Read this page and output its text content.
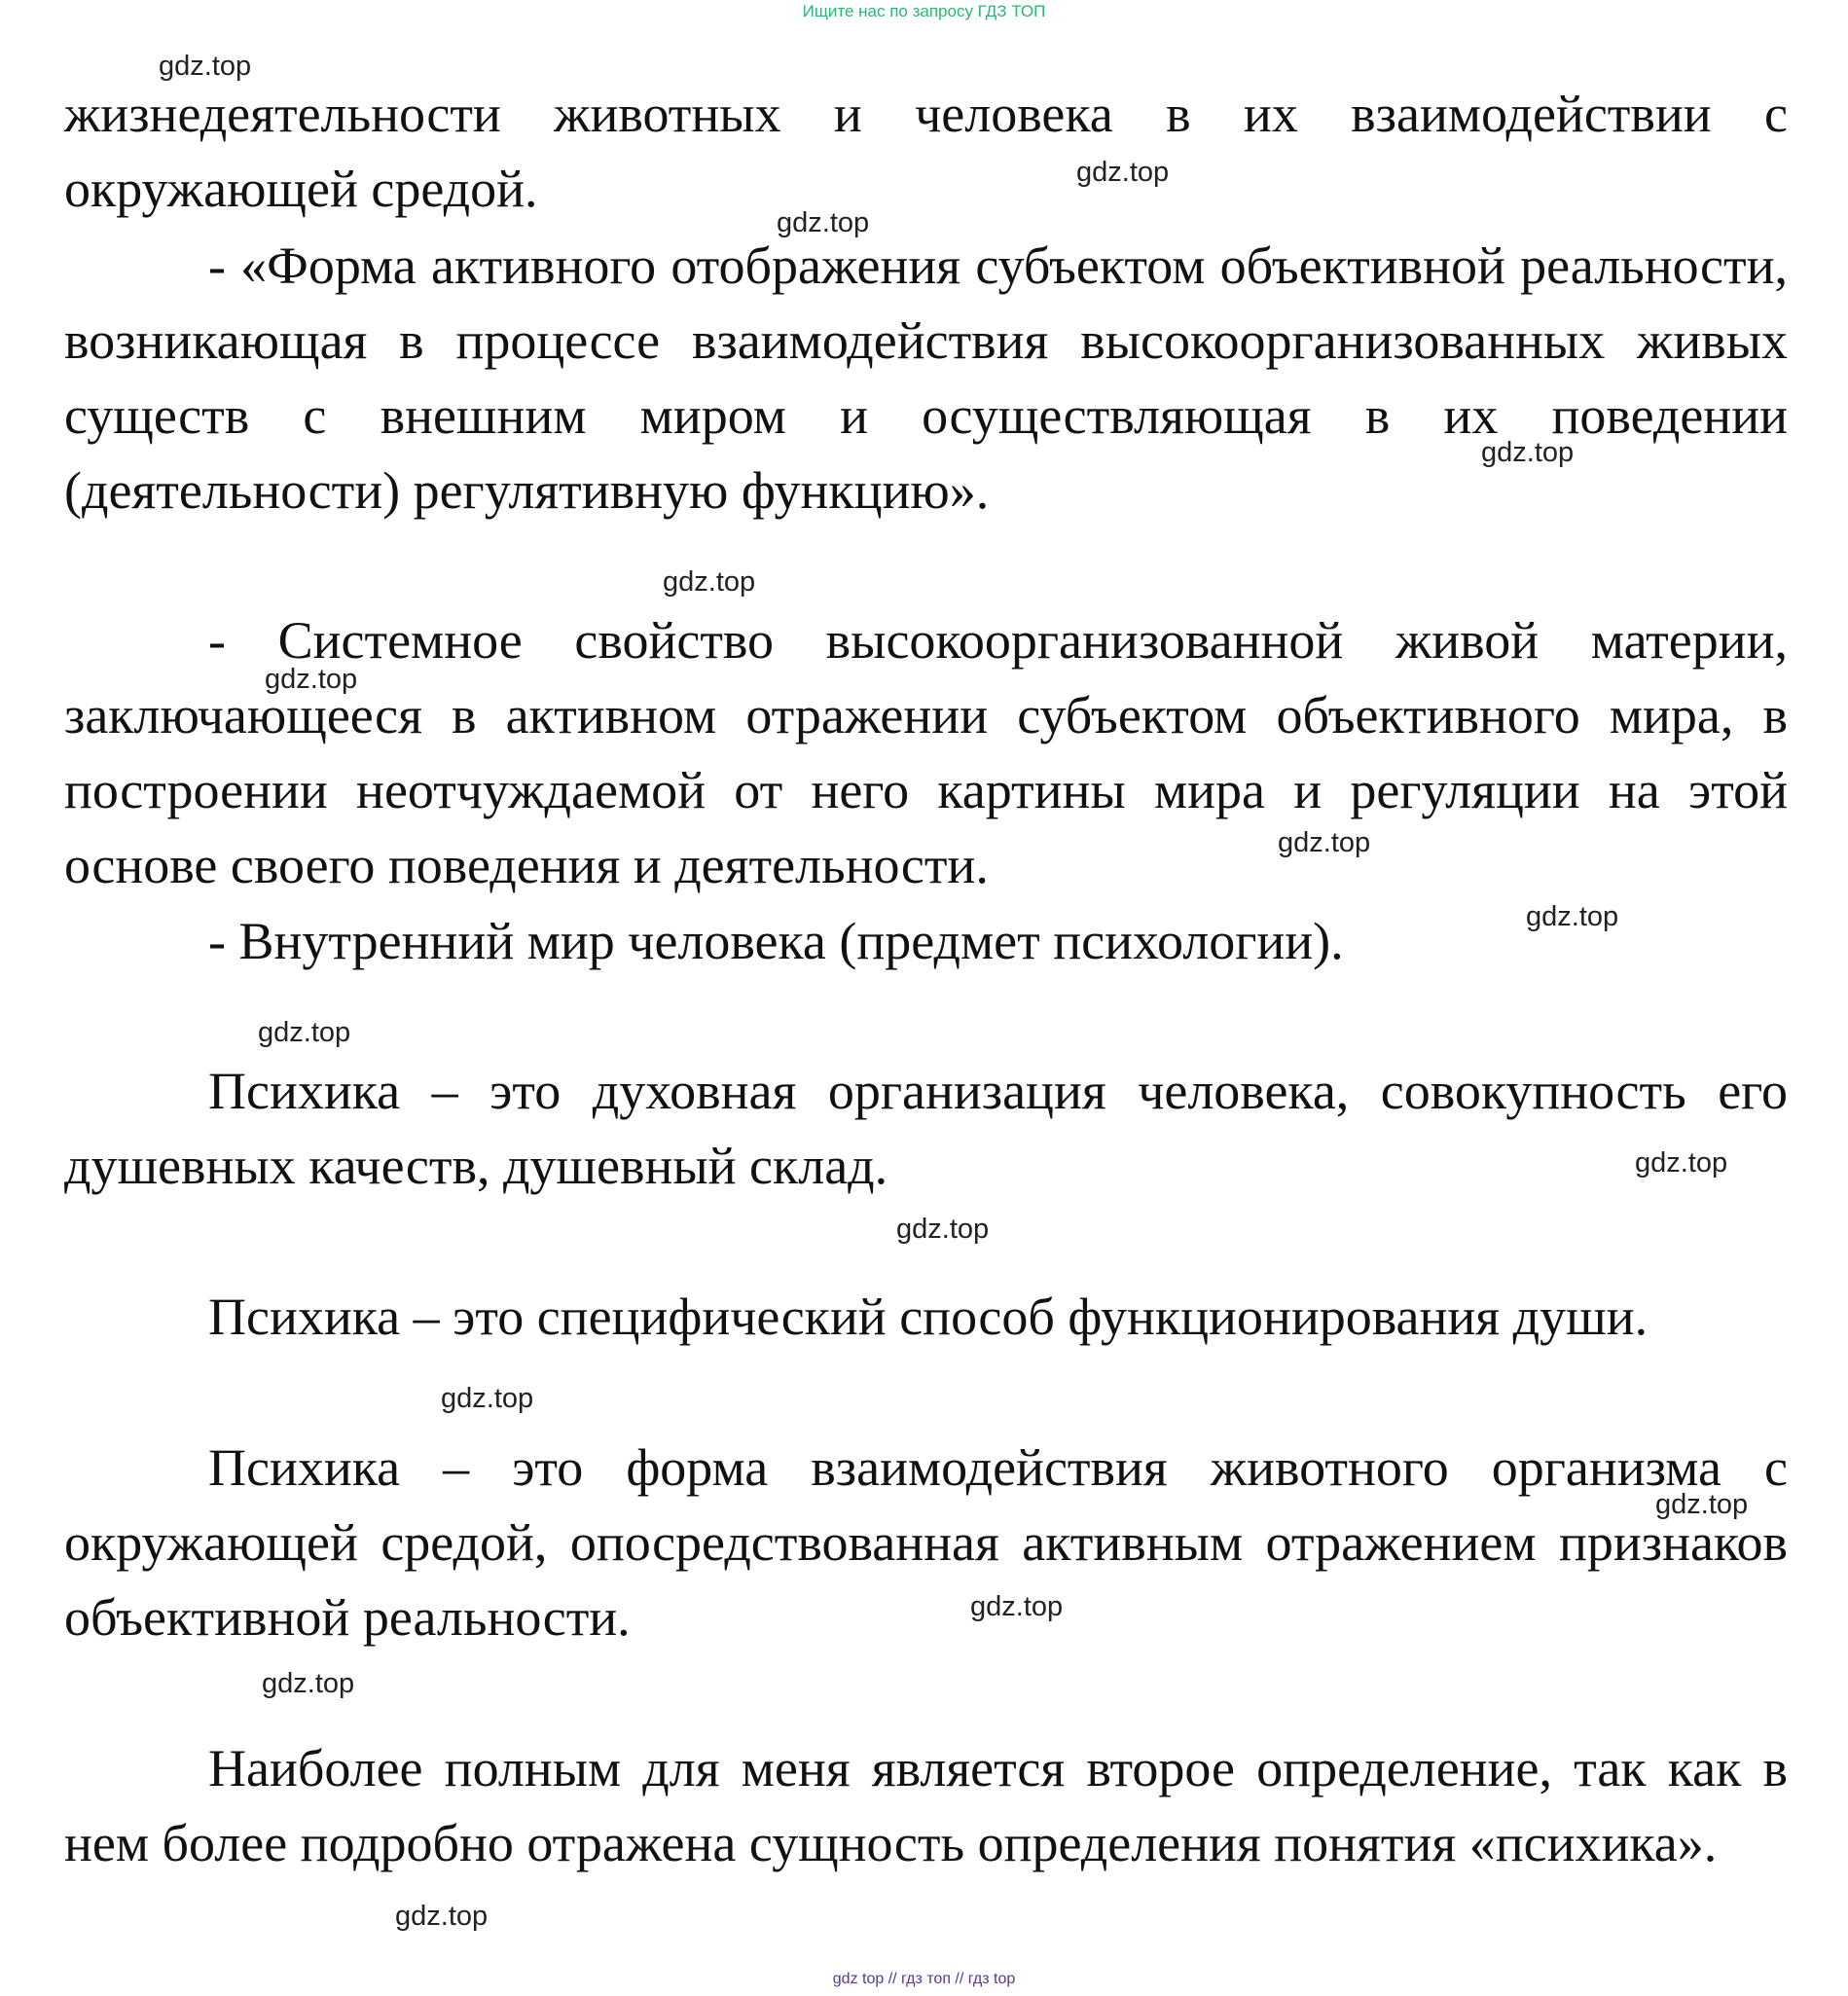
Ищите нас по запросу ГДЗ ТОП

жизнедеятельности животных и человека в их взаимодействии с окружающей средой.

- «Форма активного отображения субъектом объективной реальности, возникающая в процессе взаимодействия высокоорганизованных живых существ с внешним миром и осуществляющая в их поведении (деятельности) регулятивную функцию».

- Системное свойство высокоорганизованной живой материи, заключающееся в активном отражении субъектом объективного мира, в построении неотчуждаемой от него картины мира и регуляции на этой основе своего поведения и деятельности.

- Внутренний мир человека (предмет психологии).

Психика – это духовная организация человека, совокупность его душевных качеств, душевный склад.

Психика – это специфический способ функционирования души.

Психика – это форма взаимодействия животного организма с окружающей средой, опосредствованная активным отражением признаков объективной реальности.

Наиболее полным для меня является второе определение, так как в нем более подробно отражена сущность определения понятия «психика».

gdz.top
gdz.top
gdz.top
gdz.top
gdz.top
gdz.top
gdz.top
gdz.top
gdz.top
gdz.top
gdz.top
gdz.top
gdz.top
gdz.top
gdz.top
gdz.top
gdz top // гдз топ // гдз top
